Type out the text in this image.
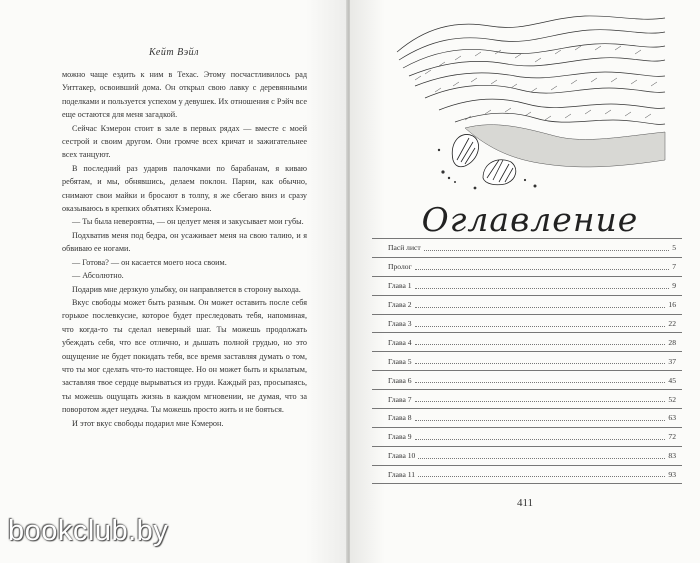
Кейт Вэйл

можно чаще ездить к ним в Техас. Этому посчастливилось рад Уиттакер, освоивший дома. Он открыл свою лавку с деревянными поделками и пользуется успехом у девушек. Их отношения с Рэйч все еще остаются для меня загадкой.

Сейчас Кэмерон стоит в зале в первых рядах — вместе с моей сестрой и своим другом. Они громче всех кричат и зажигательнее всех танцуют.

В последний раз ударив палочками по барабанам, я киваю ребятам, и мы, обнявшись, делаем поклон. Парни, как обычно, снимают свои майки и бросают в толпу, я же сбегаю вниз и сразу оказываюсь в крепких объятиях Кэмерона.

— Ты была невероятна, — он целует меня и закусывает мои губы.

Подхватив меня под бедра, он усаживает меня на свою талию, и я обвиваю ее ногами.

— Готова? — он касается моего носа своим.

— Абсолютно.

Подарив мне дерзкую улыбку, он направляется в сторону выхода.

Вкус свободы может быть разным. Он может оставить после себя горькое послевкусие, которое будет преследовать тебя, напоминая, что когда-то ты сделал неверный шаг. Ты можешь продолжать убеждать себя, что все отлично, и дышать полной грудью, но это ощущение не будет покидать тебя, все время заставляя думать о том, что ты мог сделать что-то настоящее. Но он может быть и крылатым, заставляя твое сердце вырываться из груди. Каждый раз, просыпаясь, ты можешь ощущать жизнь в каждом мгновении, не думая, что за поворотом ждет неудача. Ты можешь просто жить и не бояться.

И этот вкус свободы подарил мне Кэмерон.

Оглавление
Пасй лист	5
Пролог	7
Глава 1	9
Глава 2	16
Глава 3	22
Глава 4	28
Глава 5	37
Глава 6	45
Глава 7	52
Глава 8	63
Глава 9	72
Глава 10	83
Глава 11	93
411
bookclub.by
